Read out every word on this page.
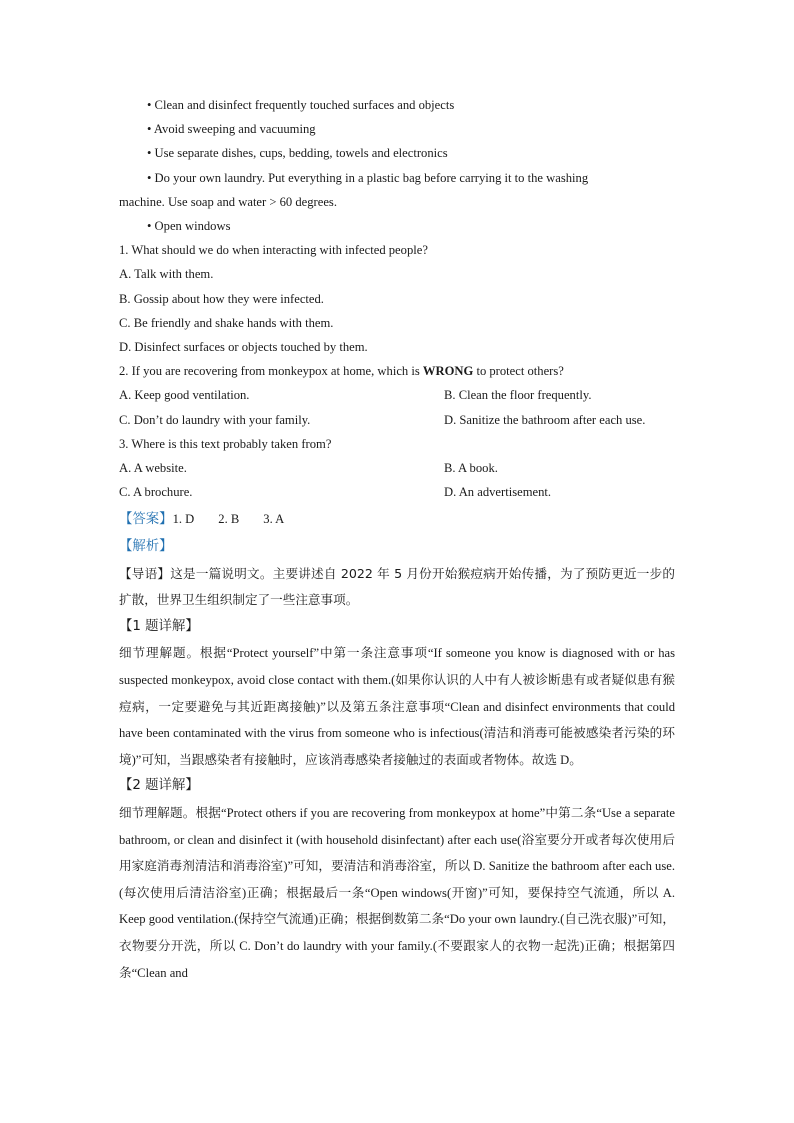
• Clean and disinfect frequently touched surfaces and objects
• Avoid sweeping and vacuuming
• Use separate dishes, cups, bedding, towels and electronics
• Do your own laundry. Put everything in a plastic bag before carrying it to the washing
machine. Use soap and water > 60 degrees.
• Open windows
1. What should we do when interacting with infected people?
A. Talk with them.
B. Gossip about how they were infected.
C. Be friendly and shake hands with them.
D. Disinfect surfaces or objects touched by them.
2. If you are recovering from monkeypox at home, which is WRONG to protect others?
A. Keep good ventilation.	B. Clean the floor frequently.
C. Don’t do laundry with your family.	D. Sanitize the bathroom after each use.
3. Where is this text probably taken from?
A. A website.	B. A book.
C. A brochure.	D. An advertisement.
【答案】1. D 2. B 3. A
【解析】
【导语】这是一篇说明文。主要讲述自 2022 年 5 月份开始猴痘病开始传播，为了预防更近一步的扩散，世界卫生组织制定了一些注意事项。
【1 题详解】
细节理解题。根据“Protect yourself”中第一条注意事项“If someone you know is diagnosed with or has suspected monkeypox, avoid close contact with them.(如果你认识的人中有人被诊断患有或者疑似患有猴痘病，一定要避免与其近距离接触)”以及第五条注意事项“Clean and disinfect environments that could have been contaminated with the virus from someone who is infectious(清洁和消毒可能被感染者污染的环境)”可知，当跟感染者有接触时，应该消毒感染者接触过的表面或者物体。故选 D。
【2 题详解】
细节理解题。根据“Protect others if you are recovering from monkeypox at home”中第二条“Use a separate bathroom, or clean and disinfect it (with household disinfectant) after each use(浴室要分开或者每次使用后用家庭消毒剂清洁和消毒浴室)”可知，要清洁和消毒浴室，所以 D. Sanitize the bathroom after each use.(每次使用后清洁浴室)正确；根据最后一条“Open windows(开窗)”可知，要保持空气流通，所以 A. Keep good ventilation.(保持空气流通)正确；根据倒数第二条“Do your own laundry.(自己洗衣服)”可知，衣物要分开洗，所以 C. Don’t do laundry with your family.(不要跟家人的衣物一起洗)正确；根据第四条“Clean and
